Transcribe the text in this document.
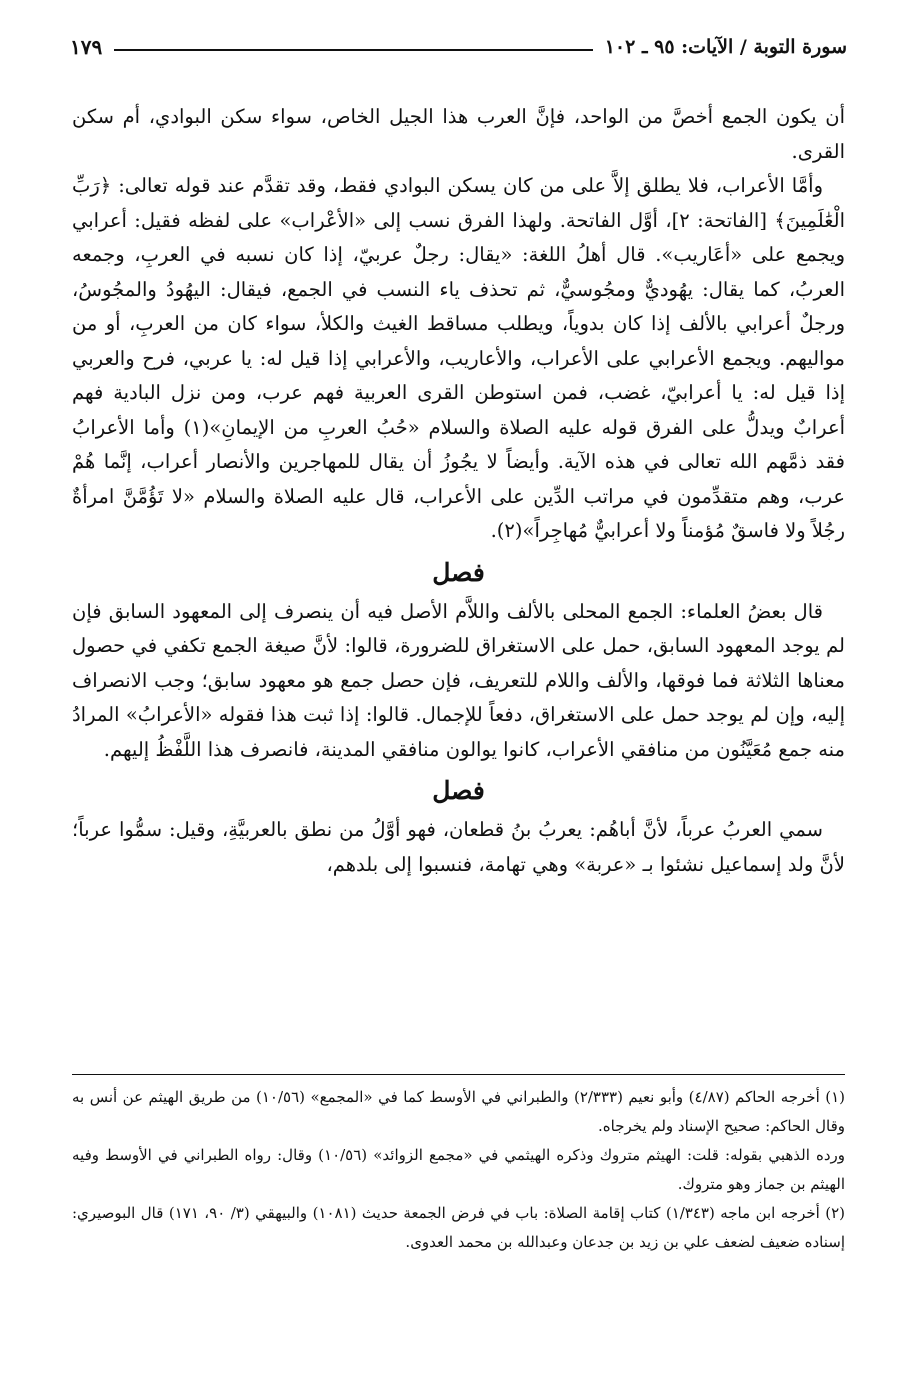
سورة التوبة / الآيات: ٩٥ ـ ١٠٢
١٧٩

أن يكون الجمع أخصَّ من الواحد، فإنَّ العرب هذا الجيل الخاص، سواء سكن البوادي، أم سكن القرى.

وأمَّا الأعراب، فلا يطلق إلاَّ على من كان يسكن البوادي فقط، وقد تقدَّم عند قوله تعالى: ﴿رَبِّ الْعَٰلَمِينَ﴾ [الفاتحة: ٢]، أوَّل الفاتحة. ولهذا الفرق نسب إلى «الأعْراب» على لفظه فقيل: أعرابي ويجمع على «أعَاريب». قال أهلُ اللغة: «يقال: رجلٌ عربيّ، إذا كان نسبه في العربِ، وجمعه العربُ، كما يقال: يهُوديٌّ ومجُوسيٌّ، ثم تحذف ياء النسب في الجمع، فيقال: اليهُودُ والمجُوسُ، ورجلٌ أعرابي بالألف إذا كان بدوياً، ويطلب مساقط الغيث والكلأ، سواء كان من العربِ، أو من مواليهم. ويجمع الأعرابي على الأعراب، والأعاريب، والأعرابي إذا قيل له: يا عربي، فرح والعربي إذا قيل له: يا أعرابيّ، غضب، فمن استوطن القرى العربية فهم عرب، ومن نزل البادية فهم أعرابٌ ويدلُّ على الفرق قوله عليه الصلاة والسلام «حُبُ العربِ من الإيمانِ»(١) وأما الأعرابُ فقد ذمَّهم الله تعالى في هذه الآية. وأيضاً لا يجُوزُ أن يقال للمهاجرين والأنصار أعراب، إنَّما هُمْ عرب، وهم متقدِّمون في مراتب الدِّين على الأعراب، قال عليه الصلاة والسلام «لا تَؤُمَّنَّ امرأةٌ رجُلاً ولا فاسقٌ مُؤمناً ولا أعرابيٌّ مُهاجِراً»(٢).

فصل

قال بعضُ العلماء: الجمع المحلى بالألف واللاَّم الأصل فيه أن ينصرف إلى المعهود السابق فإن لم يوجد المعهود السابق، حمل على الاستغراق للضرورة، قالوا: لأنَّ صيغة الجمع تكفي في حصول معناها الثلاثة فما فوقها، والألف واللام للتعريف، فإن حصل جمع هو معهود سابق؛ وجب الانصراف إليه، وإن لم يوجد حمل على الاستغراق، دفعاً للإجمال. قالوا: إذا ثبت هذا فقوله «الأعرابُ» المرادُ منه جمع مُعَيَّنُون من منافقي الأعراب، كانوا يوالون منافقي المدينة، فانصرف هذا اللَّفْظُ إليهم.

فصل

سمي العربُ عرباً، لأنَّ أباهُم: يعربُ بنُ قطعان، فهو أوَّلُ من نطق بالعربيَّةِ، وقيل: سمُّوا عرباً؛ لأنَّ ولد إسماعيل نشئوا بـ «عربة» وهي تهامة، فنسبوا إلى بلدهم،

(١) أخرجه الحاكم (٤/٨٧) وأبو نعيم (٢/٣٣٣) والطبراني في الأوسط كما في «المجمع» (١٠/٥٦) من طريق الهيثم عن أنس به وقال الحاكم: صحيح الإسناد ولم يخرجاه.

ورده الذهبي بقوله: قلت: الهيثم متروك وذكره الهيثمي في «مجمع الزوائد» (١٠/٥٦) وقال: رواه الطبراني في الأوسط وفيه الهيثم بن جماز وهو متروك.

(٢) أخرجه ابن ماجه (١/٣٤٣) كتاب إقامة الصلاة: باب في فرض الجمعة حديث (١٠٨١) والبيهقي (٣/ ٩٠، ١٧١) قال البوصيري: إسناده ضعيف لضعف علي بن زيد بن جدعان وعبدالله بن محمد العدوى.
